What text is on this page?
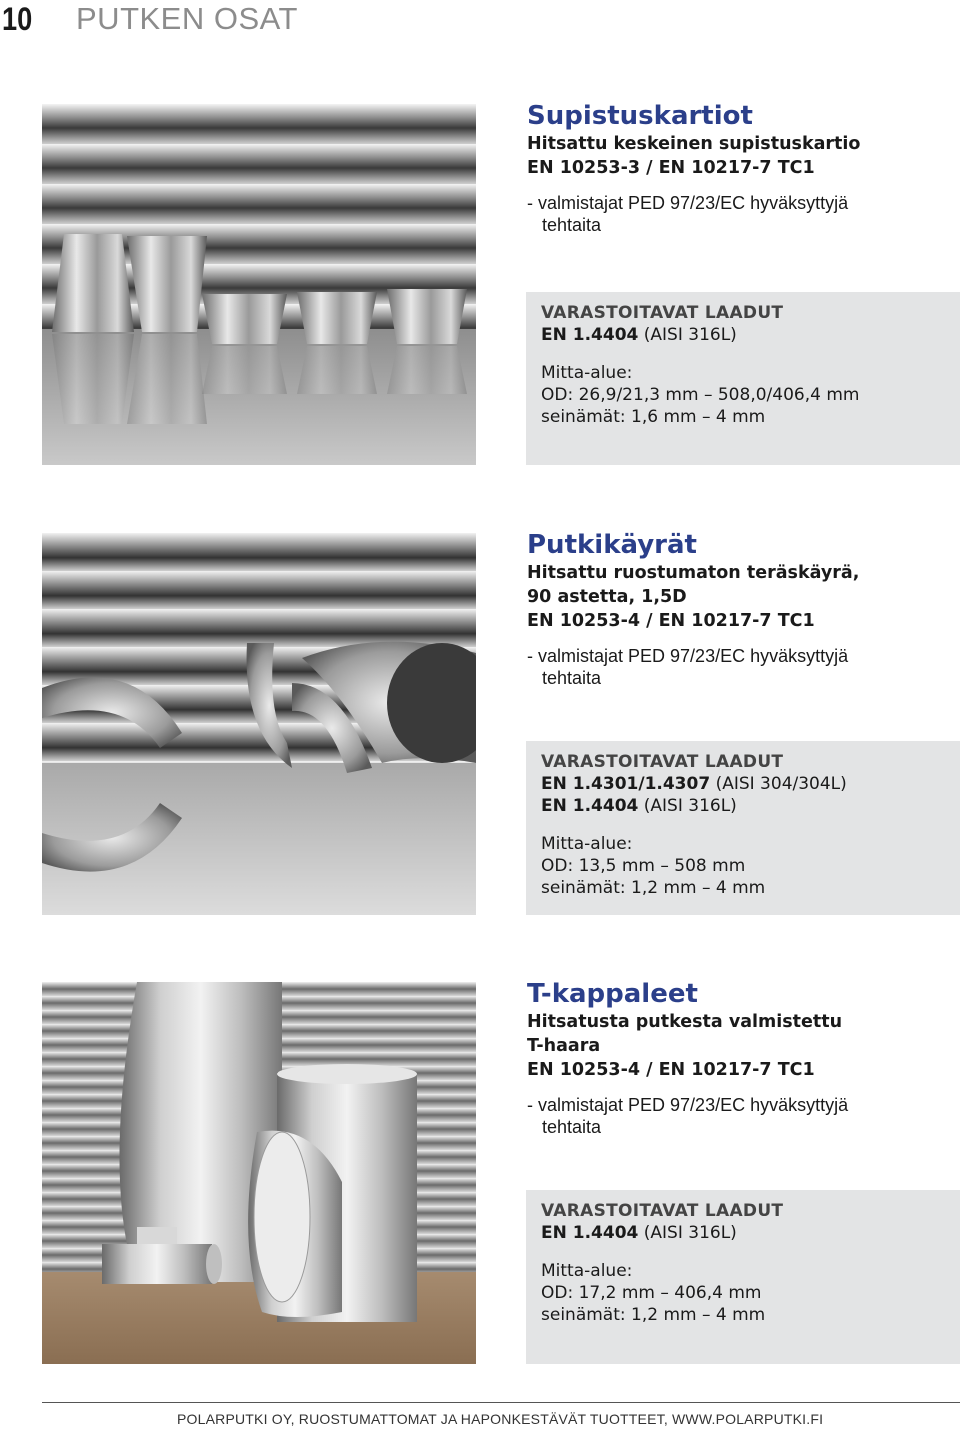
10 PUTKEN OSAT
Supistuskartiot
Hitsattu keskeinen supistuskartio
EN 10253-3 / EN 10217-7 TC1
- valmistajat PED 97/23/EC hyväksyttyjä
tehtaita
VARASTOITAVAT LAADUT
EN 1.4404 (AISI 316L)
Mitta-alue:
OD: 26,9/21,3 mm – 508,0/406,4 mm
seinämät: 1,6 mm – 4 mm
Putkikäyrät
Hitsattu ruostumaton teräskäyrä,
90 astetta, 1,5D
EN 10253-4 / EN 10217-7 TC1
- valmistajat PED 97/23/EC hyväksyttyjä
tehtaita
VARASTOITAVAT LAADUT
EN 1.4301/1.4307 (AISI 304/304L)
EN 1.4404 (AISI 316L)
Mitta-alue:
OD: 13,5 mm – 508 mm
seinämät: 1,2 mm – 4 mm
T-kappaleet
Hitsatusta putkesta valmistettu
T-haara
EN 10253-4 / EN 10217-7 TC1
- valmistajat PED 97/23/EC hyväksyttyjä
tehtaita
VARASTOITAVAT LAADUT
EN 1.4404 (AISI 316L)
Mitta-alue:
OD: 17,2 mm – 406,4 mm
seinämät: 1,2 mm – 4 mm
POLARPUTKI OY, RUOSTUMATTOMAT JA HAPONKESTÄVÄT TUOTTEET, WWW.POLARPUTKI.FI
